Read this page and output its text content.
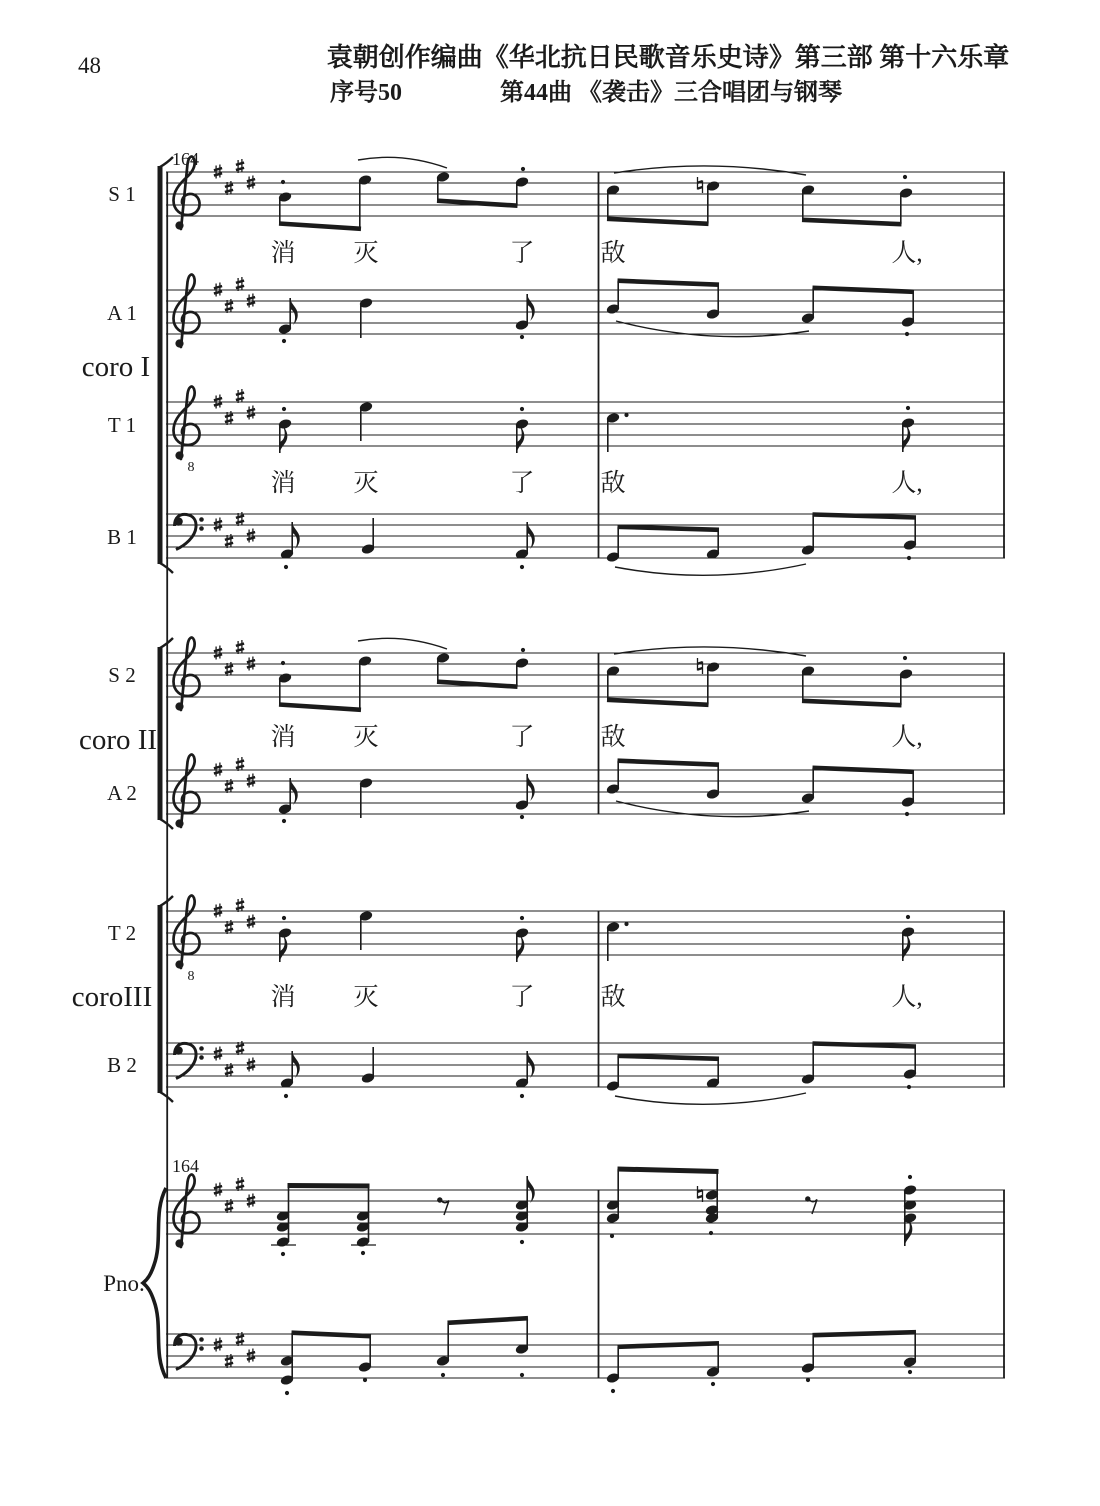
8
48	袁朝创作编曲《华北抗日民歌音乐史诗》第三部 第十六乐章
序号50	第44曲 《袭击》三合唱团与钢琴
164
164
S 1
A 1
coro I
T 1
B 1
S 2
coro II
A 2
T 2
coroIII
B 2
Pno.
消 灭	了	敌	人,
消 灭	了	敌	人,
消 灭	了	敌	人,
消 灭	了	敌	人,
